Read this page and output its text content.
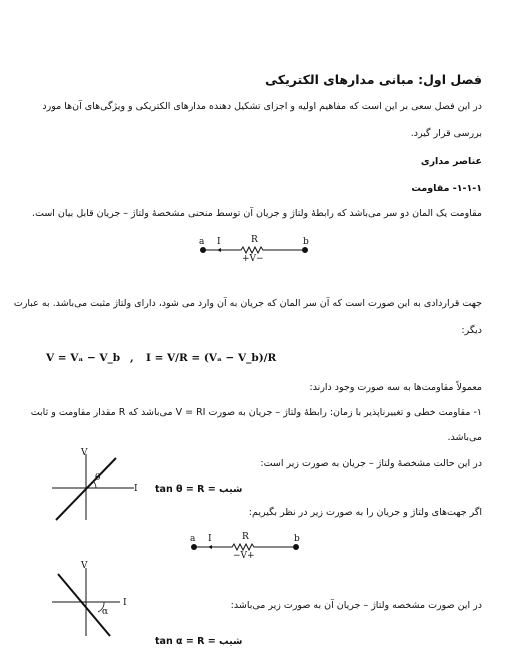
فصل اول: مبانی مدارهای الکتریکی
در این فصل سعی بر این است که مفاهیم اولیه و اجزای تشکیل دهنده مدارهای الکتریکی و ویژگی‌های آن‌ها مورد
بررسی قرار گیرد.
عناصر مداری
۱-۱-۱- مقاومت
مقاومت یک المان دو سر می‌باشد که رابطهٔ ولتاژ و جریان آن توسط منحنی مشخصهٔ ولتاژ – جریان قابل بیان است.
a	b
I	R
+V−
جهت قراردادی به این صورت است که آن سر المان که جریان به آن وارد می شود، دارای ولتاژ مثبت می‌باشد. به عبارت
دیگر:
V = Vₐ − V_b , I = V/R = (Vₐ − V_b)/R
معمولاً مقاومت‌ها به سه صورت وجود دارند:
۱- مقاومت خطی و تغییرناپذیر با زمان: رابطهٔ ولتاژ – جریان به صورت V = RI می‌باشد که R مقدار مقاومت و ثابت
می‌باشد.
V
I
θ
در این حالت مشخصهٔ ولتاژ – جریان به صورت زیر است:
شیب = tan θ = R
اگر جهت‌های ولتاژ و جریان را به صورت زیر در نظر بگیریم:
a	b
I	R
−V+
V
I
α
در این صورت مشخصه ولتاژ – جریان آن به صورت زیر می‌باشد:
شیب = tan α = R
